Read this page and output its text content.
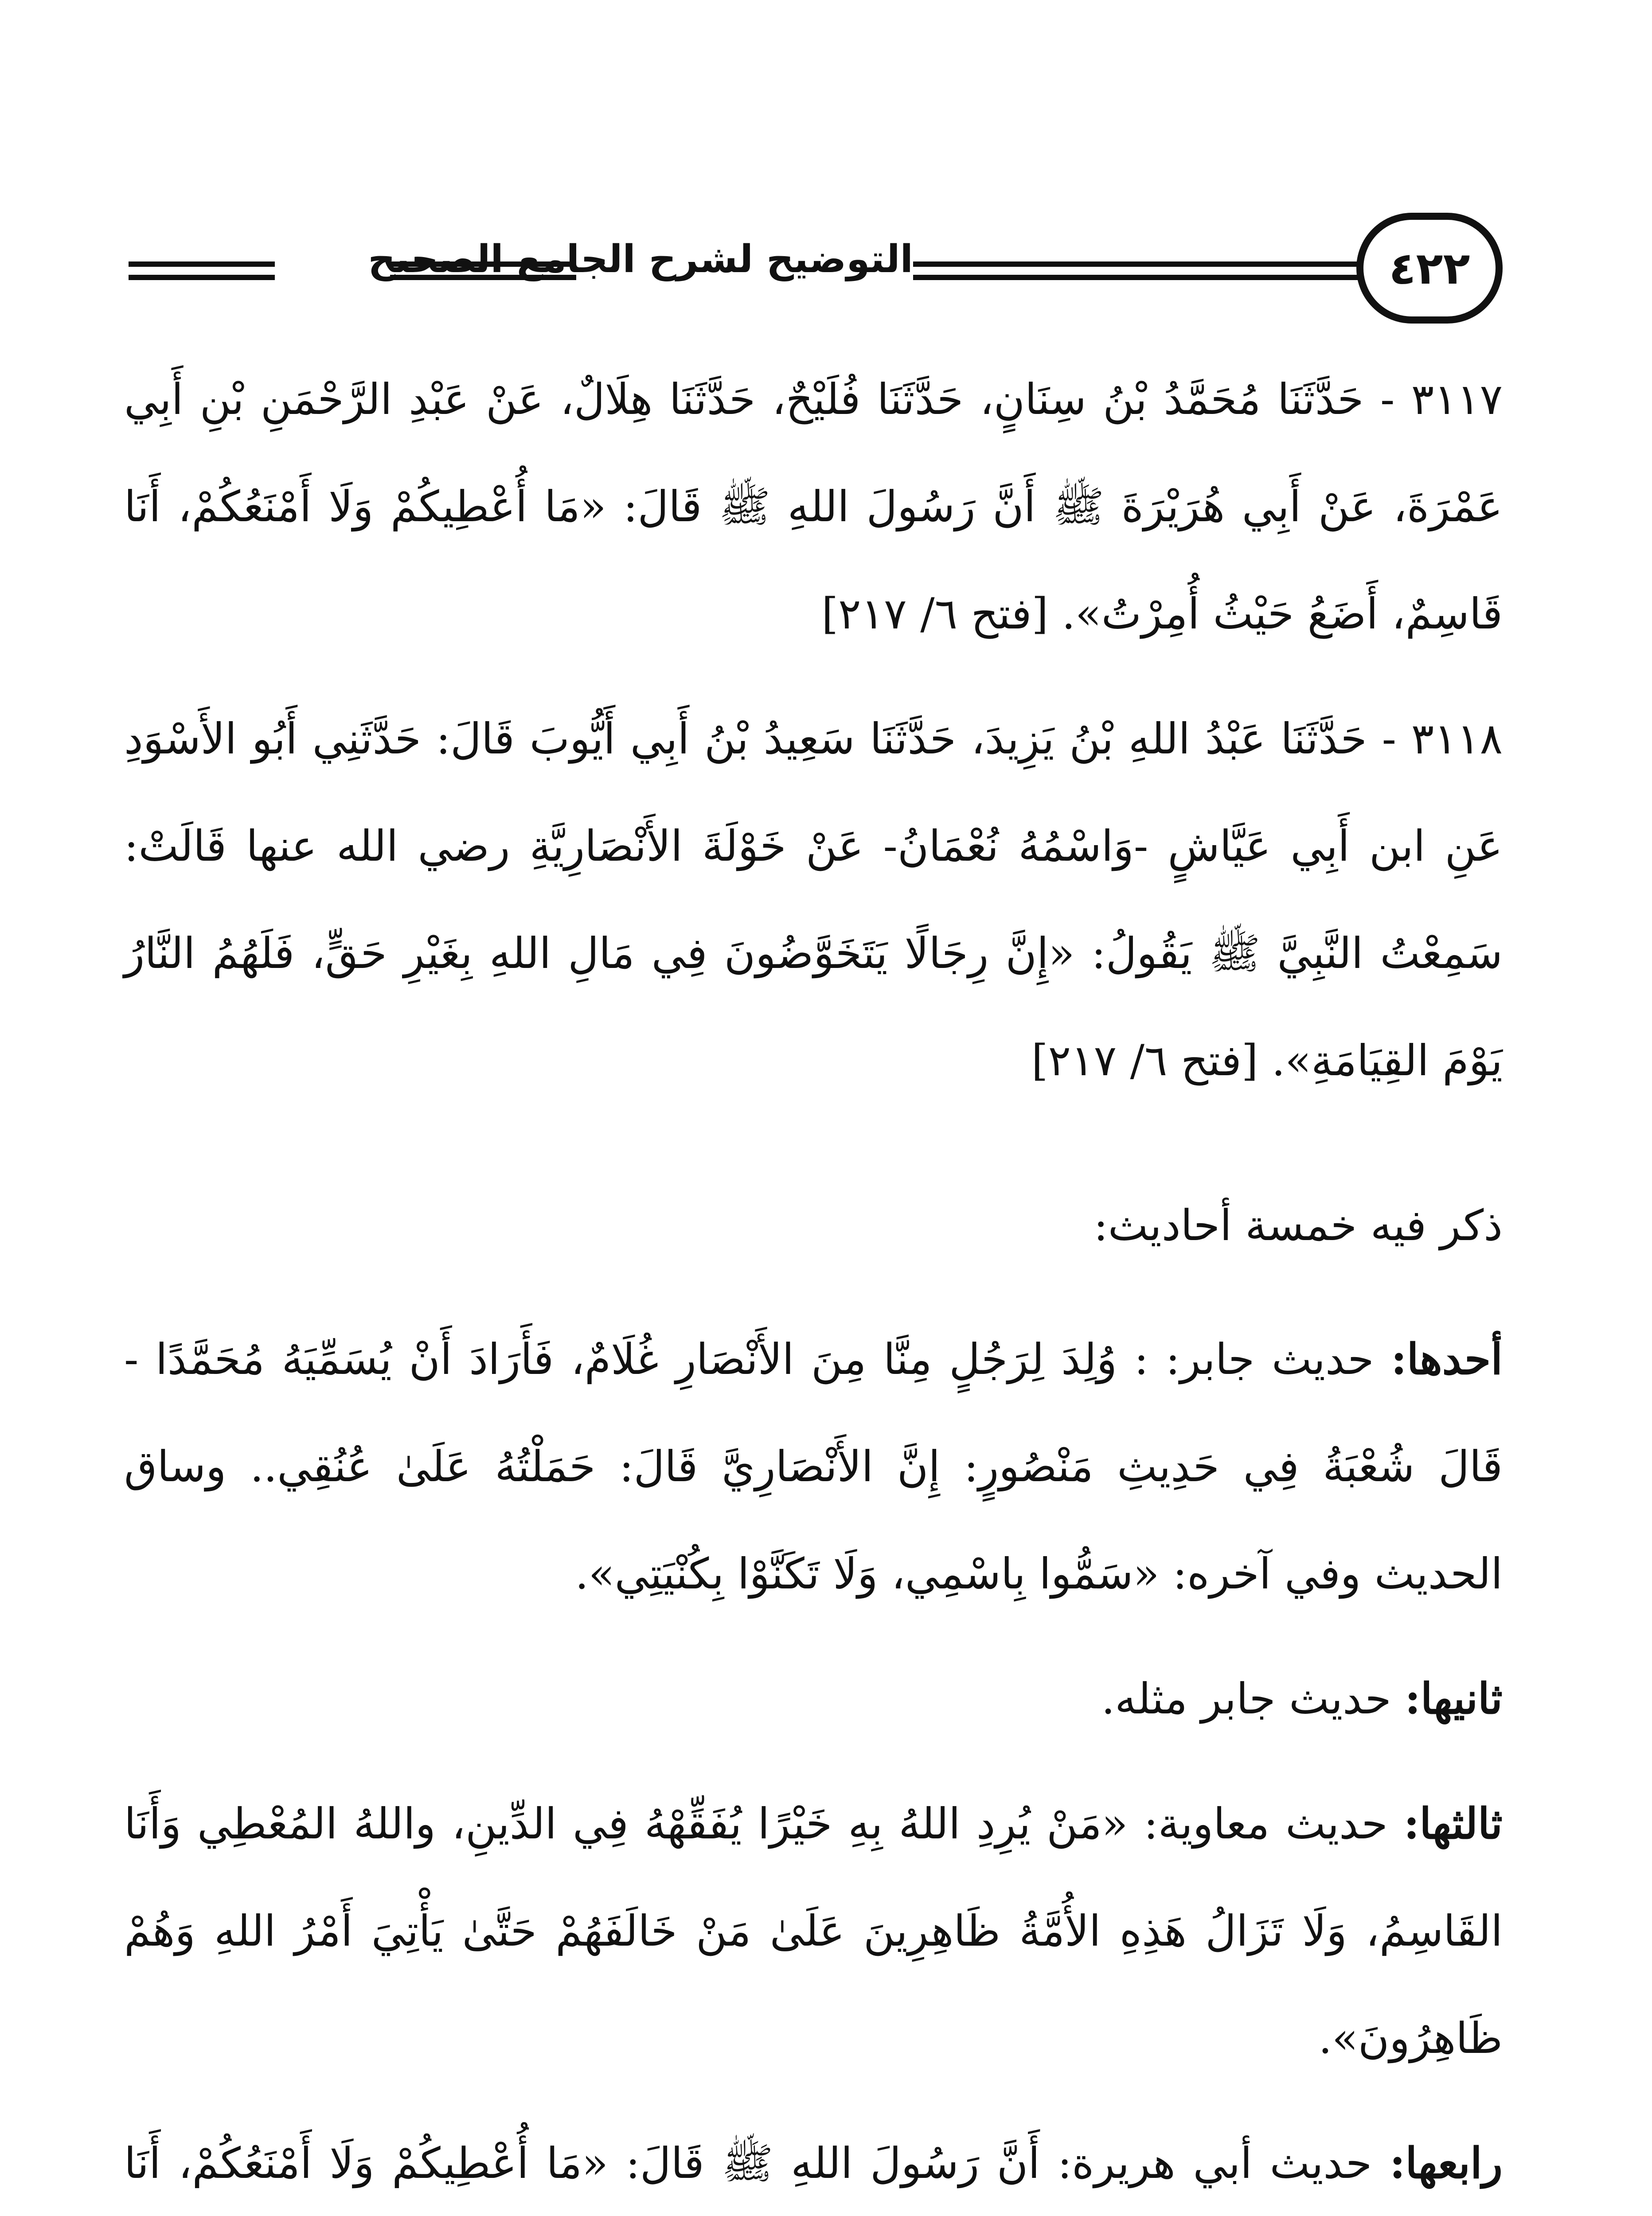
التوضيح لشرح الجامع الصحيح	٤٢٢

٣١١٧ - حَدَّثَنَا مُحَمَّدُ بْنُ سِنَانٍ، حَدَّثَنَا فُلَيْحٌ، حَدَّثَنَا هِلَالٌ، عَنْ عَبْدِ الرَّحْمَنِ بْنِ أَبِي عَمْرَةَ، عَنْ أَبِي هُرَيْرَةَ ﷺ أَنَّ رَسُولَ اللهِ ﷺ قَالَ: «مَا أُعْطِيكُمْ وَلَا أَمْنَعُكُمْ، أَنَا قَاسِمٌ، أَضَعُ حَيْثُ أُمِرْتُ». [فتح ٦/ ٢١٧]

٣١١٨ - حَدَّثَنَا عَبْدُ اللهِ بْنُ يَزِيدَ، حَدَّثَنَا سَعِيدُ بْنُ أَبِي أَيُّوبَ قَالَ: حَدَّثَنِي أَبُو الأَسْوَدِ عَنِ ابن أَبِي عَيَّاشٍ -وَاسْمُهُ نُعْمَانُ- عَنْ خَوْلَةَ الأَنْصَارِيَّةِ رضي الله عنها قَالَتْ: سَمِعْتُ النَّبِيَّ ﷺ يَقُولُ: «إِنَّ رِجَالًا يَتَخَوَّضُونَ فِي مَالِ اللهِ بِغَيْرِ حَقٍّ، فَلَهُمُ النَّارُ يَوْمَ القِيَامَةِ». [فتح ٦/ ٢١٧]

ذكر فيه خمسة أحاديث:

أحدها: حديث جابر: : وُلِدَ لِرَجُلٍ مِنَّا مِنَ الأَنْصَارِ غُلَامٌ، فَأَرَادَ أَنْ يُسَمِّيَهُ مُحَمَّدًا - قَالَ شُعْبَةُ فِي حَدِيثِ مَنْصُورٍ: إِنَّ الأَنْصَارِيَّ قَالَ: حَمَلْتُهُ عَلَىٰ عُنُقِي.. وساق الحديث وفي آخره: «سَمُّوا بِاسْمِي، وَلَا تَكَنَّوْا بِكُنْيَتِي».

ثانيها: حديث جابر مثله.

ثالثها: حديث معاوية: «مَنْ يُرِدِ اللهُ بِهِ خَيْرًا يُفَقِّهْهُ فِي الدِّينِ، واللهُ المُعْطِي وَأَنَا القَاسِمُ، وَلَا تَزَالُ هَذِهِ الأُمَّةُ ظَاهِرِينَ عَلَىٰ مَنْ خَالَفَهُمْ حَتَّىٰ يَأْتِيَ أَمْرُ اللهِ وَهُمْ ظَاهِرُونَ».

رابعها: حديث أبي هريرة: أَنَّ رَسُولَ اللهِ ﷺ قَالَ: «مَا أُعْطِيكُمْ وَلَا أَمْنَعُكُمْ، أَنَا
